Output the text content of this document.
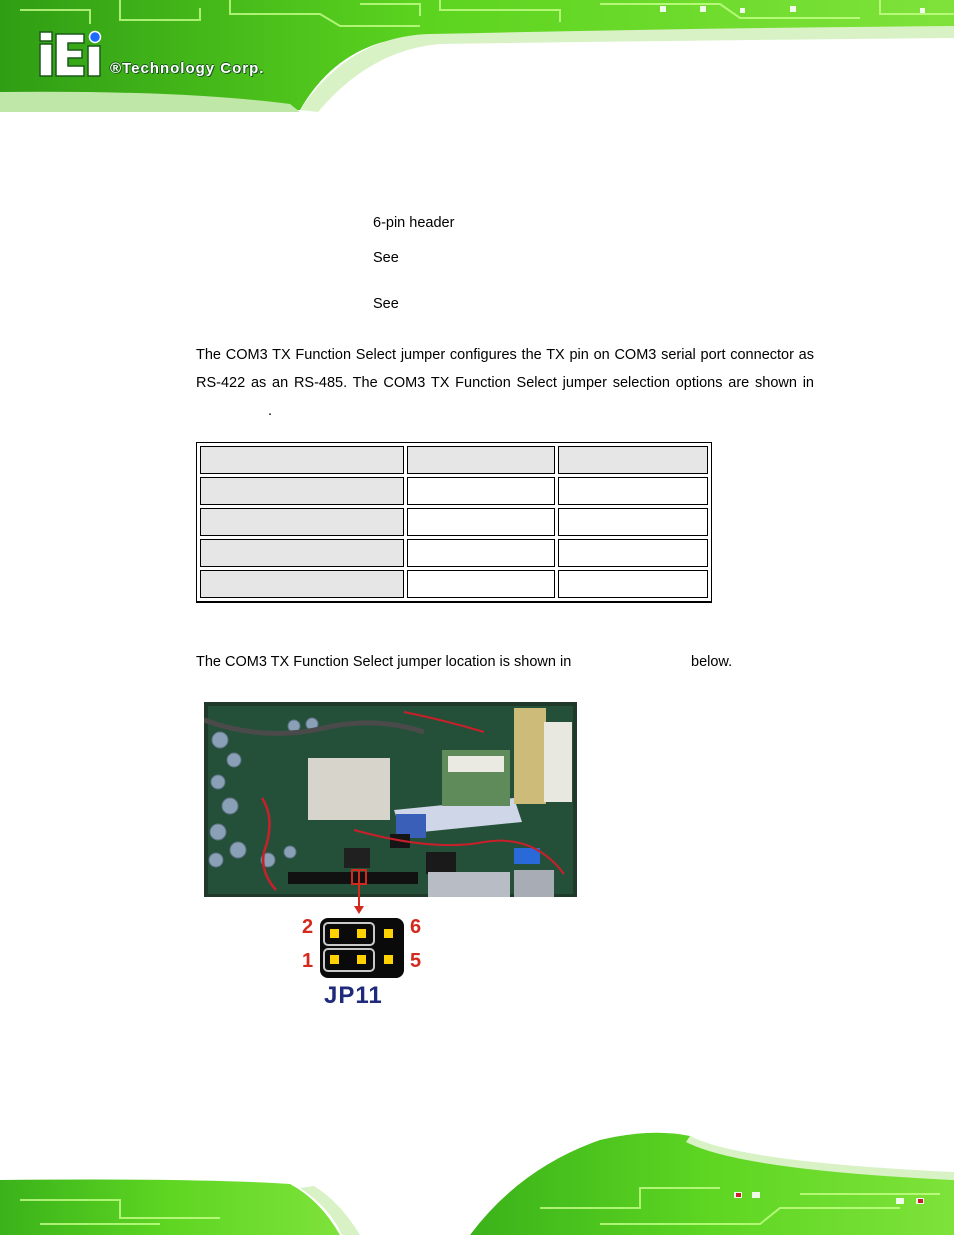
®Technology Corp.
6-pin header
See
See
The COM3 TX Function Select jumper configures the TX pin on COM3 serial port connector as RS-422 as an RS-485. The COM3 TX Function Select jumper selection options are shown in.

The COM3 TX Function Select jumper location is shown in	below.
2
1
6
5
JP11
